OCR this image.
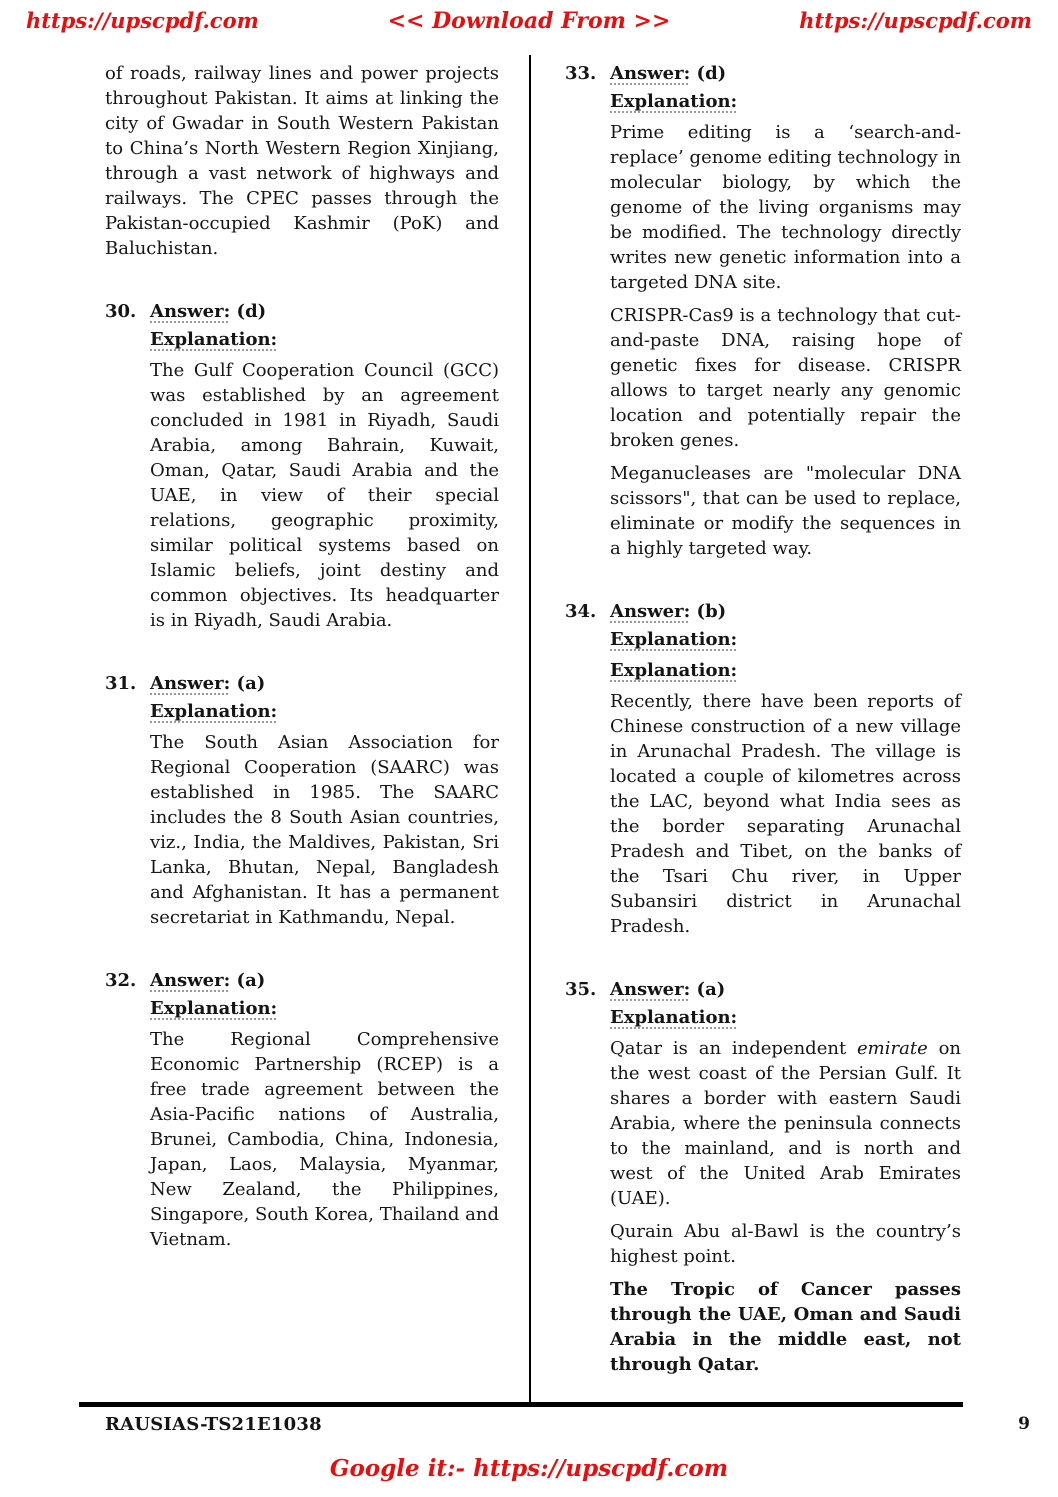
https://upscpdf.com	<< Download From >>	https://upscpdf.com

of roads, railway lines and power projects throughout Pakistan. It aims at linking the city of Gwadar in South Western Pakistan to China’s North Western Region Xinjiang, through a vast network of highways and railways. The CPEC passes through the Pakistan-occupied Kashmir (PoK) and Baluchistan.

30. Answer: (d)
Explanation:

The Gulf Cooperation Council (GCC) was established by an agreement concluded in 1981 in Riyadh, Saudi Arabia, among Bahrain, Kuwait, Oman, Qatar, Saudi Arabia and the UAE, in view of their special relations, geographic proximity, similar political systems based on Islamic beliefs, joint destiny and common objectives. Its headquarter is in Riyadh, Saudi Arabia.

31. Answer: (a)
Explanation:

The South Asian Association for Regional Cooperation (SAARC) was established in 1985. The SAARC includes the 8 South Asian countries, viz., India, the Maldives, Pakistan, Sri Lanka, Bhutan, Nepal, Bangladesh and Afghanistan. It has a permanent secretariat in Kathmandu, Nepal.

32. Answer: (a)
Explanation:

The Regional Comprehensive Economic Partnership (RCEP) is a free trade agreement between the Asia-Pacific nations of Australia, Brunei, Cambodia, China, Indonesia, Japan, Laos, Malaysia, Myanmar, New Zealand, the Philippines, Singapore, South Korea, Thailand and Vietnam.

33. Answer: (d)
Explanation:

Prime editing is a ‘search-and-replace’ genome editing technology in molecular biology, by which the genome of the living organisms may be modified. The technology directly writes new genetic information into a targeted DNA site.

CRISPR-Cas9 is a technology that cut-and-paste DNA, raising hope of genetic fixes for disease. CRISPR allows to target nearly any genomic location and potentially repair the broken genes.

Meganucleases are "molecular DNA scissors", that can be used to replace, eliminate or modify the sequences in a highly targeted way.

34. Answer: (b)
Explanation:
Explanation:

Recently, there have been reports of Chinese construction of a new village in Arunachal Pradesh. The village is located a couple of kilometres across the LAC, beyond what India sees as the border separating Arunachal Pradesh and Tibet, on the banks of the Tsari Chu river, in Upper Subansiri district in Arunachal Pradesh.

35. Answer: (a)
Explanation:

Qatar is an independent emirate on the west coast of the Persian Gulf. It shares a border with eastern Saudi Arabia, where the peninsula connects to the mainland, and is north and west of the United Arab Emirates (UAE).

Qurain Abu al-Bawl is the country’s highest point.

The Tropic of Cancer passes through the UAE, Oman and Saudi Arabia in the middle east, not through Qatar.

RAUSIAS-TS21E1038	9
Google it:- https://upscpdf.com
